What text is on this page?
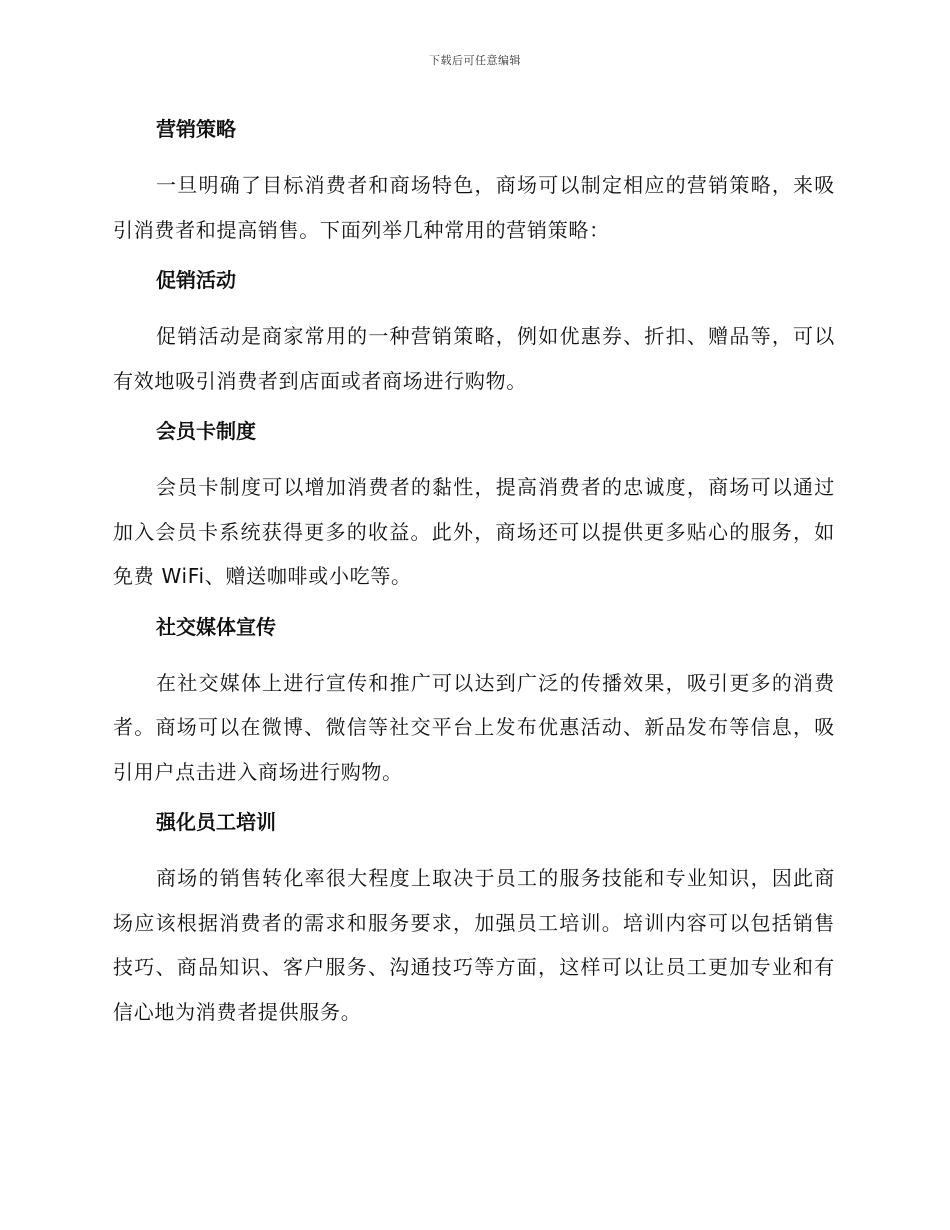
下载后可任意编辑
营销策略

一旦明确了目标消费者和商场特色，商场可以制定相应的营销策略，来吸引消费者和提高销售。下面列举几种常用的营销策略：

促销活动

促销活动是商家常用的一种营销策略，例如优惠券、折扣、赠品等，可以有效地吸引消费者到店面或者商场进行购物。

会员卡制度

会员卡制度可以增加消费者的黏性，提高消费者的忠诚度，商场可以通过加入会员卡系统获得更多的收益。此外，商场还可以提供更多贴心的服务，如免费 WiFi、赠送咖啡或小吃等。

社交媒体宣传

在社交媒体上进行宣传和推广可以达到广泛的传播效果，吸引更多的消费者。商场可以在微博、微信等社交平台上发布优惠活动、新品发布等信息，吸引用户点击进入商场进行购物。

强化员工培训

商场的销售转化率很大程度上取决于员工的服务技能和专业知识，因此商场应该根据消费者的需求和服务要求，加强员工培训。培训内容可以包括销售技巧、商品知识、客户服务、沟通技巧等方面，这样可以让员工更加专业和有信心地为消费者提供服务。
